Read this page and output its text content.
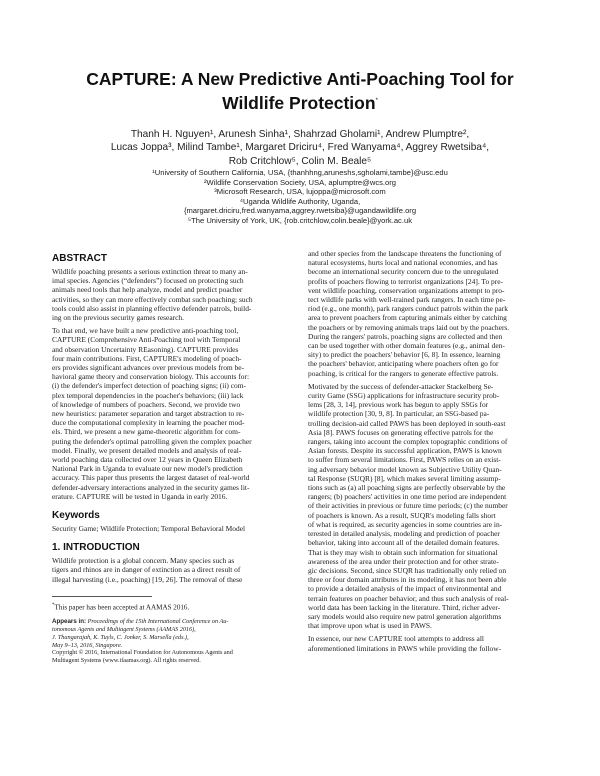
CAPTURE: A New Predictive Anti-Poaching Tool for
Wildlife Protection*
Thanh H. Nguyen¹, Arunesh Sinha¹, Shahrzad Gholami¹, Andrew Plumptre²,
Lucas Joppa³, Milind Tambe¹, Margaret Driciru⁴, Fred Wanyama⁴, Aggrey Rwetsiba⁴,
Rob Critchlow⁵, Colin M. Beale⁵
¹University of Southern California, USA, {thanhhng,aruneshs,sgholami,tambe}@usc.edu
²Wildlife Conservation Society, USA, aplumptre@wcs.org
³Microsoft Research, USA, lujoppa@microsoft.com
⁴Uganda Wildlife Authority, Uganda,
{margaret.driciru,fred.wanyama,aggrey.rwetsiba}@ugandawildlife.org
⁵The University of York, UK, {rob.critchlow,colin.beale}@york.ac.uk
ABSTRACT
Wildlife poaching presents a serious extinction threat to many an-
imal species. Agencies (“defenders”) focused on protecting such
animals need tools that help analyze, model and predict poacher
activities, so they can more effectively combat such poaching; such
tools could also assist in planning effective defender patrols, build-
ing on the previous security games research.
To that end, we have built a new predictive anti-poaching tool,
CAPTURE (Comprehensive Anti-Poaching tool with Temporal
and observation Uncertainty REasoning). CAPTURE provides
four main contributions. First, CAPTURE's modeling of poach-
ers provides significant advances over previous models from be-
havioral game theory and conservation biology. This accounts for:
(i) the defender's imperfect detection of poaching signs; (ii) com-
plex temporal dependencies in the poacher's behaviors; (iii) lack
of knowledge of numbers of poachers. Second, we provide two
new heuristics: parameter separation and target abstraction to re-
duce the computational complexity in learning the poacher mod-
els. Third, we present a new game-theoretic algorithm for com-
puting the defender's optimal patrolling given the complex poacher
model. Finally, we present detailed models and analysis of real-
world poaching data collected over 12 years in Queen Elizabeth
National Park in Uganda to evaluate our new model's prediction
accuracy. This paper thus presents the largest dataset of real-world
defender-adversary interactions analyzed in the security games lit-
erature. CAPTURE will be tested in Uganda in early 2016.
Keywords
Security Game; Wildlife Protection; Temporal Behavioral Model
1. INTRODUCTION
Wildlife protection is a global concern. Many species such as
tigers and rhinos are in danger of extinction as a direct result of
illegal harvesting (i.e., poaching) [19, 26]. The removal of these
*This paper has been accepted at AAMAS 2016.
Appears in: Proceedings of the 15th International Conference on Au-
tonomous Agents and Multiagent Systems (AAMAS 2016),
J. Thangarajah, K. Tuyls, C. Jonker, S. Marsella (eds.),
May 9–13, 2016, Singapore.
Copyright © 2016, International Foundation for Autonomous Agents and
Multiagent Systems (www.ifaamas.org). All rights reserved.
and other species from the landscape threatens the functioning of
natural ecosystems, hurts local and national economies, and has
become an international security concern due to the unregulated
profits of poachers flowing to terrorist organizations [24]. To pre-
vent wildlife poaching, conservation organizations attempt to pro-
tect wildlife parks with well-trained park rangers. In each time pe-
riod (e.g., one month), park rangers conduct patrols within the park
area to prevent poachers from capturing animals either by catching
the poachers or by removing animals traps laid out by the poachers.
During the rangers' patrols, poaching signs are collected and then
can be used together with other domain features (e.g., animal den-
sity) to predict the poachers' behavior [6, 8]. In essence, learning
the poachers' behavior, anticipating where poachers often go for
poaching, is critical for the rangers to generate effective patrols.
Motivated by the success of defender-attacker Stackelberg Se-
curity Game (SSG) applications for infrastructure security prob-
lems [28, 3, 14], previous work has begun to apply SSGs for
wildlife protection [30, 9, 8]. In particular, an SSG-based pa-
trolling decision-aid called PAWS has been deployed in south-east
Asia [8]. PAWS focuses on generating effective patrols for the
rangers, taking into account the complex topographic conditions of
Asian forests. Despite its successful application, PAWS is known
to suffer from several limitations. First, PAWS relies on an exist-
ing adversary behavior model known as Subjective Utility Quan-
tal Response (SUQR) [8], which makes several limiting assump-
tions such as (a) all poaching signs are perfectly observable by the
rangers; (b) poachers' activities in one time period are independent
of their activities in previous or future time periods; (c) the number
of poachers is known. As a result, SUQR's modeling falls short
of what is required, as security agencies in some countries are in-
terested in detailed analysis, modeling and prediction of poacher
behavior, taking into account all of the detailed domain features.
That is they may wish to obtain such information for situational
awareness of the area under their protection and for other strate-
gic decisions. Second, since SUQR has traditionally only relied on
three or four domain attributes in its modeling, it has not been able
to provide a detailed analysis of the impact of environmental and
terrain features on poacher behavior, and thus such analysis of real-
world data has been lacking in the literature. Third, richer adver-
sary models would also require new patrol generation algorithms
that improve upon what is used in PAWS.
In essence, our new CAPTURE tool attempts to address all
aforementioned limitations in PAWS while providing the follow-
